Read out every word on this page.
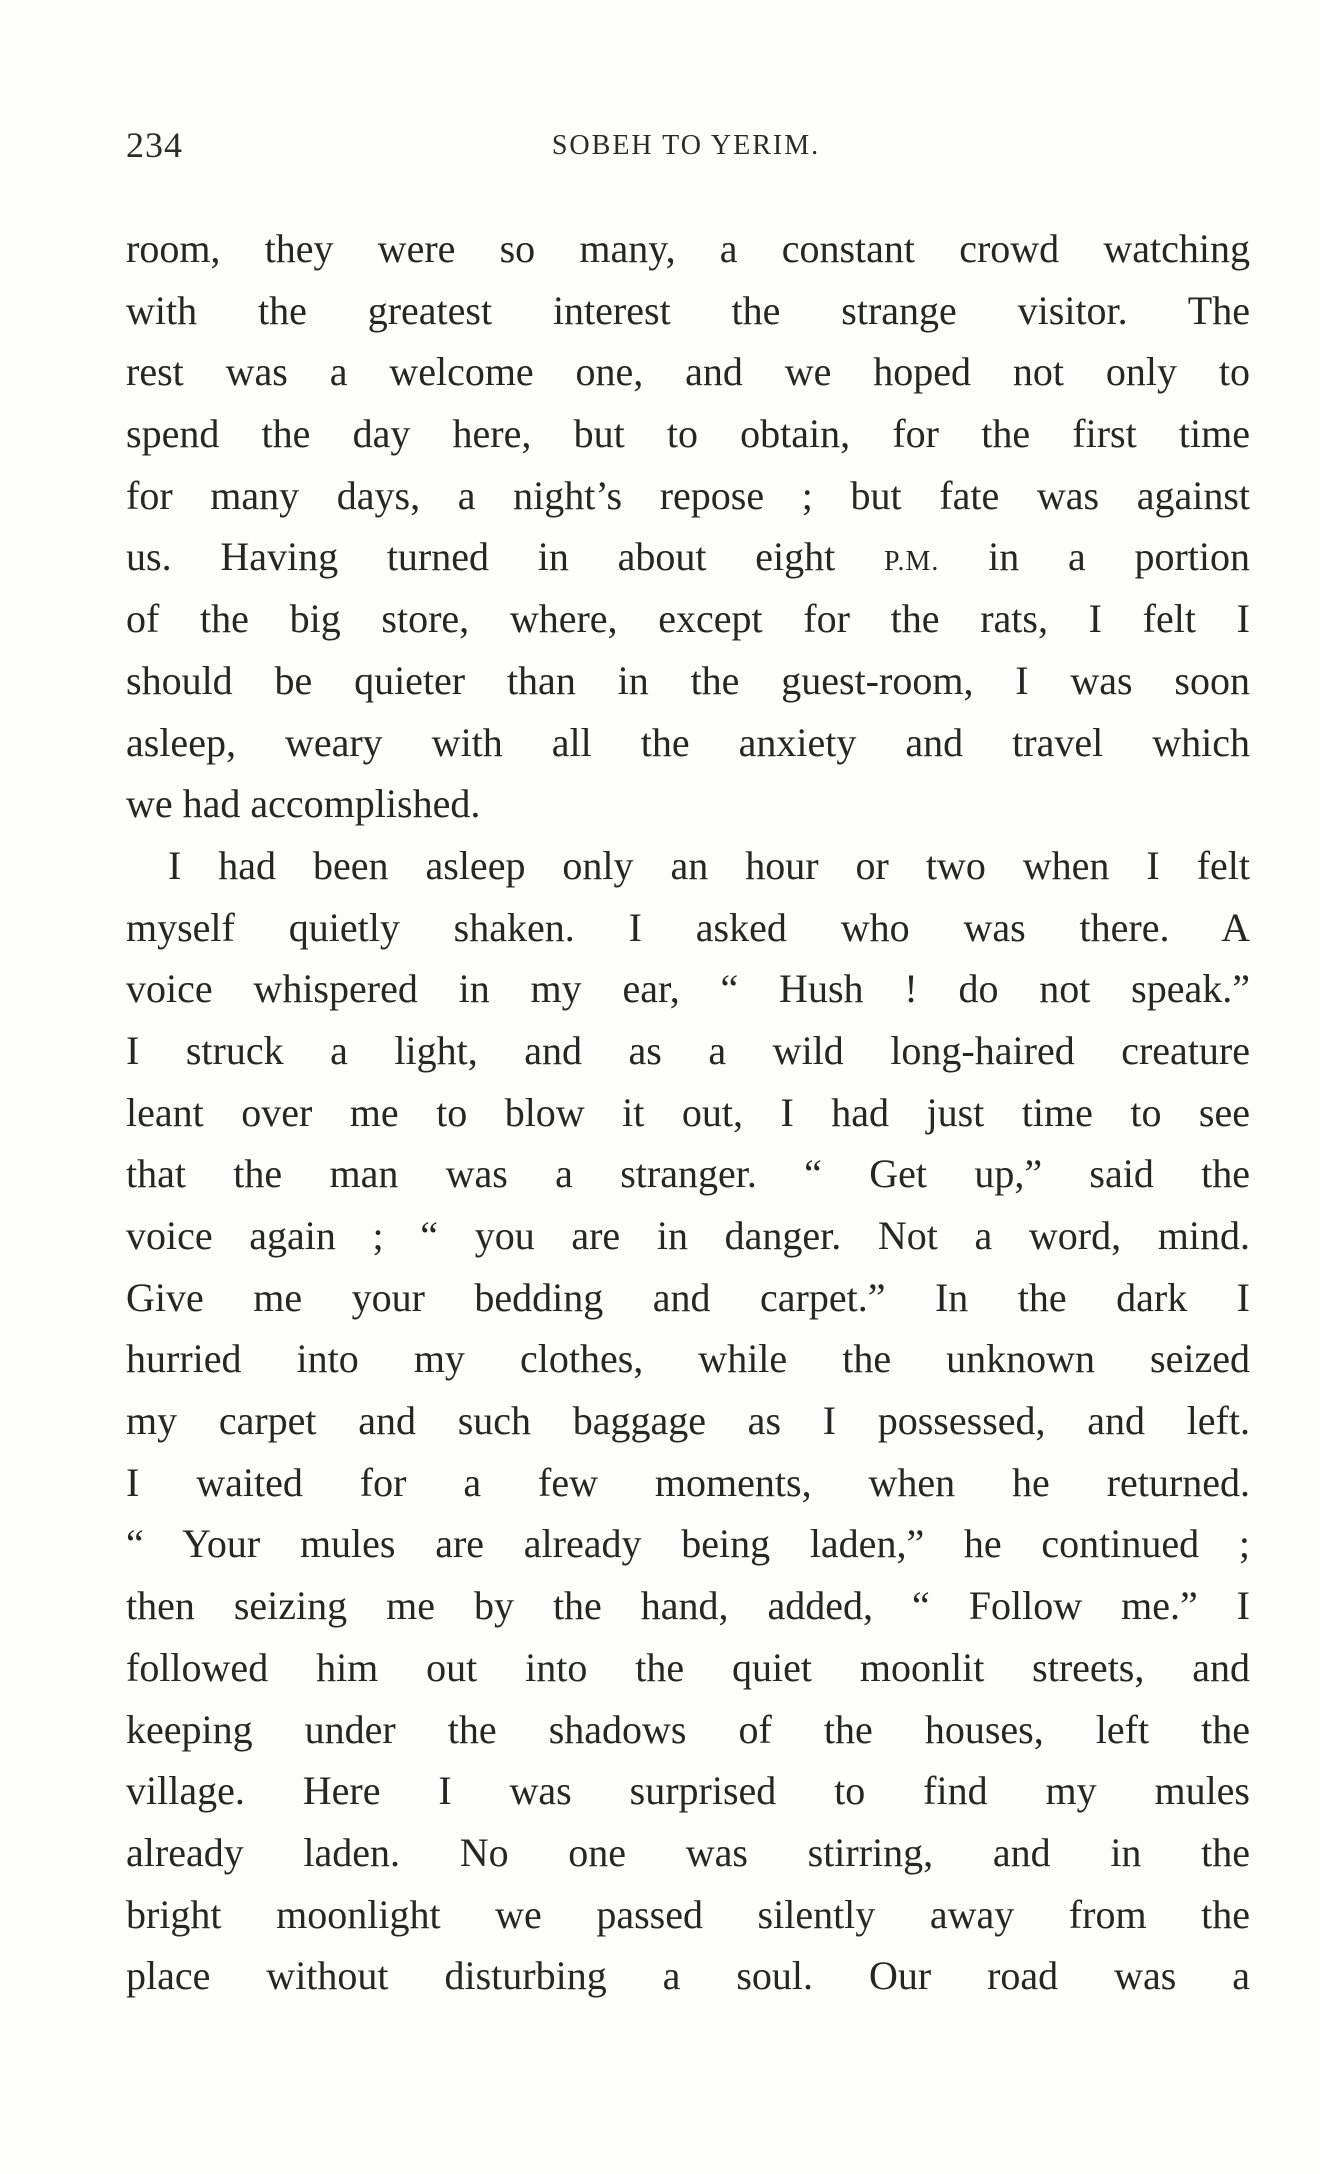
234	SOBEH TO YERIM.
room, they were so many, a constant crowd watching
with the greatest interest the strange visitor. The
rest was a welcome one, and we hoped not only to
spend the day here, but to obtain, for the first time
for many days, a night’s repose ; but fate was against
us. Having turned in about eight P.M. in a portion
of the big store, where, except for the rats, I felt I
should be quieter than in the guest-room, I was soon
asleep, weary with all the anxiety and travel which
we had accomplished.
I had been asleep only an hour or two when I felt
myself quietly shaken. I asked who was there. A
voice whispered in my ear, “ Hush ! do not speak.”
I struck a light, and as a wild long-haired creature
leant over me to blow it out, I had just time to see
that the man was a stranger. “ Get up,” said the
voice again ; “ you are in danger. Not a word, mind.
Give me your bedding and carpet.” In the dark I
hurried into my clothes, while the unknown seized
my carpet and such baggage as I possessed, and left.
I waited for a few moments, when he returned.
“ Your mules are already being laden,” he continued ;
then seizing me by the hand, added, “ Follow me.” I
followed him out into the quiet moonlit streets, and
keeping under the shadows of the houses, left the
village. Here I was surprised to find my mules
already laden. No one was stirring, and in the
bright moonlight we passed silently away from the
place without disturbing a soul. Our road was a
